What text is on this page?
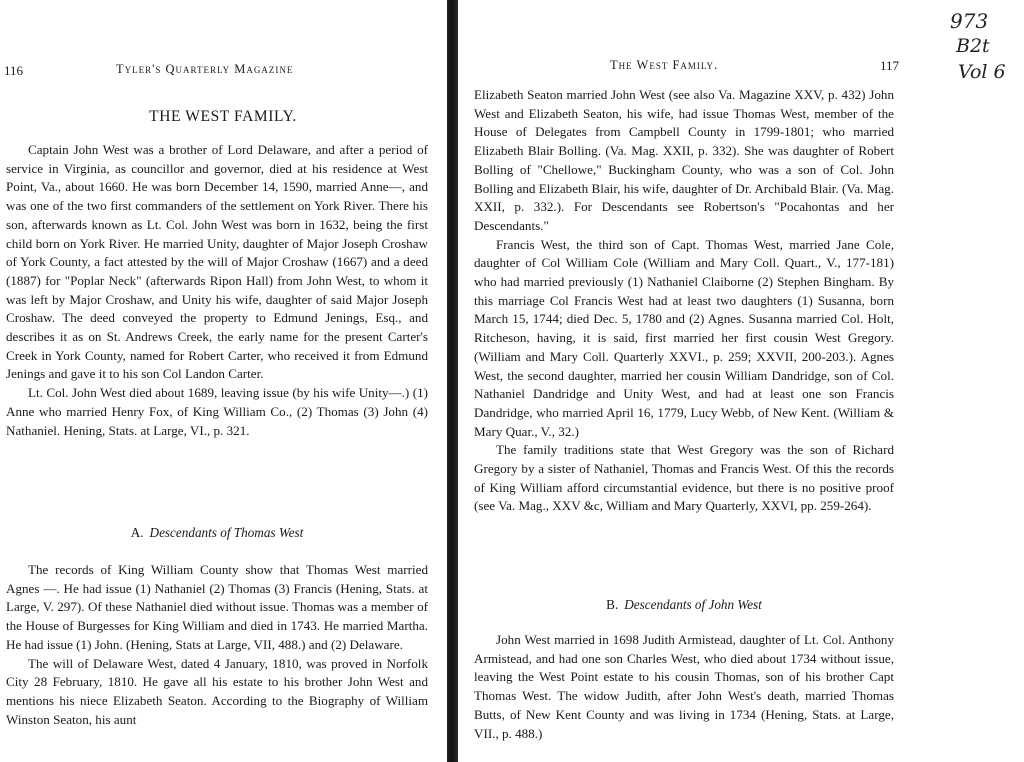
116	Tyler's Quarterly Magazine
THE WEST FAMILY.

Captain John West was a brother of Lord Delaware, and after a period of service in Virginia, as councillor and governor, died at his residence at West Point, Va., about 1660. He was born December 14, 1590, married Anne—, and was one of the two first commanders of the settlement on York River. There his son, afterwards known as Lt. Col. John West was born in 1632, being the first child born on York River. He married Unity, daughter of Major Joseph Croshaw of York County, a fact attested by the will of Major Croshaw (1667) and a deed (1887) for "Poplar Neck" (afterwards Ripon Hall) from John West, to whom it was left by Major Croshaw, and Unity his wife, daughter of said Major Joseph Croshaw. The deed conveyed the property to Edmund Jenings, Esq., and describes it as on St. Andrews Creek, the early name for the present Carter's Creek in York County, named for Robert Carter, who received it from Edmund Jenings and gave it to his son Col Landon Carter.

Lt. Col. John West died about 1689, leaving issue (by his wife Unity—.) (1) Anne who married Henry Fox, of King William Co., (2) Thomas (3) John (4) Nathaniel. Hening, Stats. at Large, VI., p. 321.

A. Descendants of Thomas West

The records of King William County show that Thomas West married Agnes —. He had issue (1) Nathaniel (2) Thomas (3) Francis (Hening, Stats. at Large, V. 297). Of these Nathaniel died without issue. Thomas was a member of the House of Burgesses for King William and died in 1743. He married Martha. He had issue (1) John. (Hening, Stats at Large, VII, 488.) and (2) Delaware.

The will of Delaware West, dated 4 January, 1810, was proved in Norfolk City 28 February, 1810. He gave all his estate to his brother John West and mentions his niece Elizabeth Seaton. According to the Biography of William Winston Seaton, his aunt

The West Family.	117

Elizabeth Seaton married John West (see also Va. Magazine XXV, p. 432) John West and Elizabeth Seaton, his wife, had issue Thomas West, member of the House of Delegates from Campbell County in 1799-1801; who married Elizabeth Blair Bolling. (Va. Mag. XXII, p. 332). She was daughter of Robert Bolling of "Chellowe," Buckingham County, who was a son of Col. John Bolling and Elizabeth Blair, his wife, daughter of Dr. Archibald Blair. (Va. Mag. XXII, p. 332.). For Descendants see Robertson's "Pocahontas and her Descendants."

Francis West, the third son of Capt. Thomas West, married Jane Cole, daughter of Col William Cole (William and Mary Coll. Quart., V., 177-181) who had married previously (1) Nathaniel Claiborne (2) Stephen Bingham. By this marriage Col Francis West had at least two daughters (1) Susanna, born March 15, 1744; died Dec. 5, 1780 and (2) Agnes. Susanna married Col. Holt, Ritcheson, having, it is said, first married her first cousin West Gregory. (William and Mary Coll. Quarterly XXVI., p. 259; XXVII, 200-203.). Agnes West, the second daughter, married her cousin William Dandridge, son of Col. Nathaniel Dandridge and Unity West, and had at least one son Francis Dandridge, who married April 16, 1779, Lucy Webb, of New Kent. (William & Mary Quar., V., 32.)

The family traditions state that West Gregory was the son of Richard Gregory by a sister of Nathaniel, Thomas and Francis West. Of this the records of King William afford circumstantial evidence, but there is no positive proof (see Va. Mag., XXV &c, William and Mary Quarterly, XXVI, pp. 259-264).

B. Descendants of John West

John West married in 1698 Judith Armistead, daughter of Lt. Col. Anthony Armistead, and had one son Charles West, who died about 1734 without issue, leaving the West Point estate to his cousin Thomas, son of his brother Capt Thomas West. The widow Judith, after John West's death, married Thomas Butts, of New Kent County and was living in 1734 (Hening, Stats. at Large, VII., p. 488.)

973
B2t
Vol 6
